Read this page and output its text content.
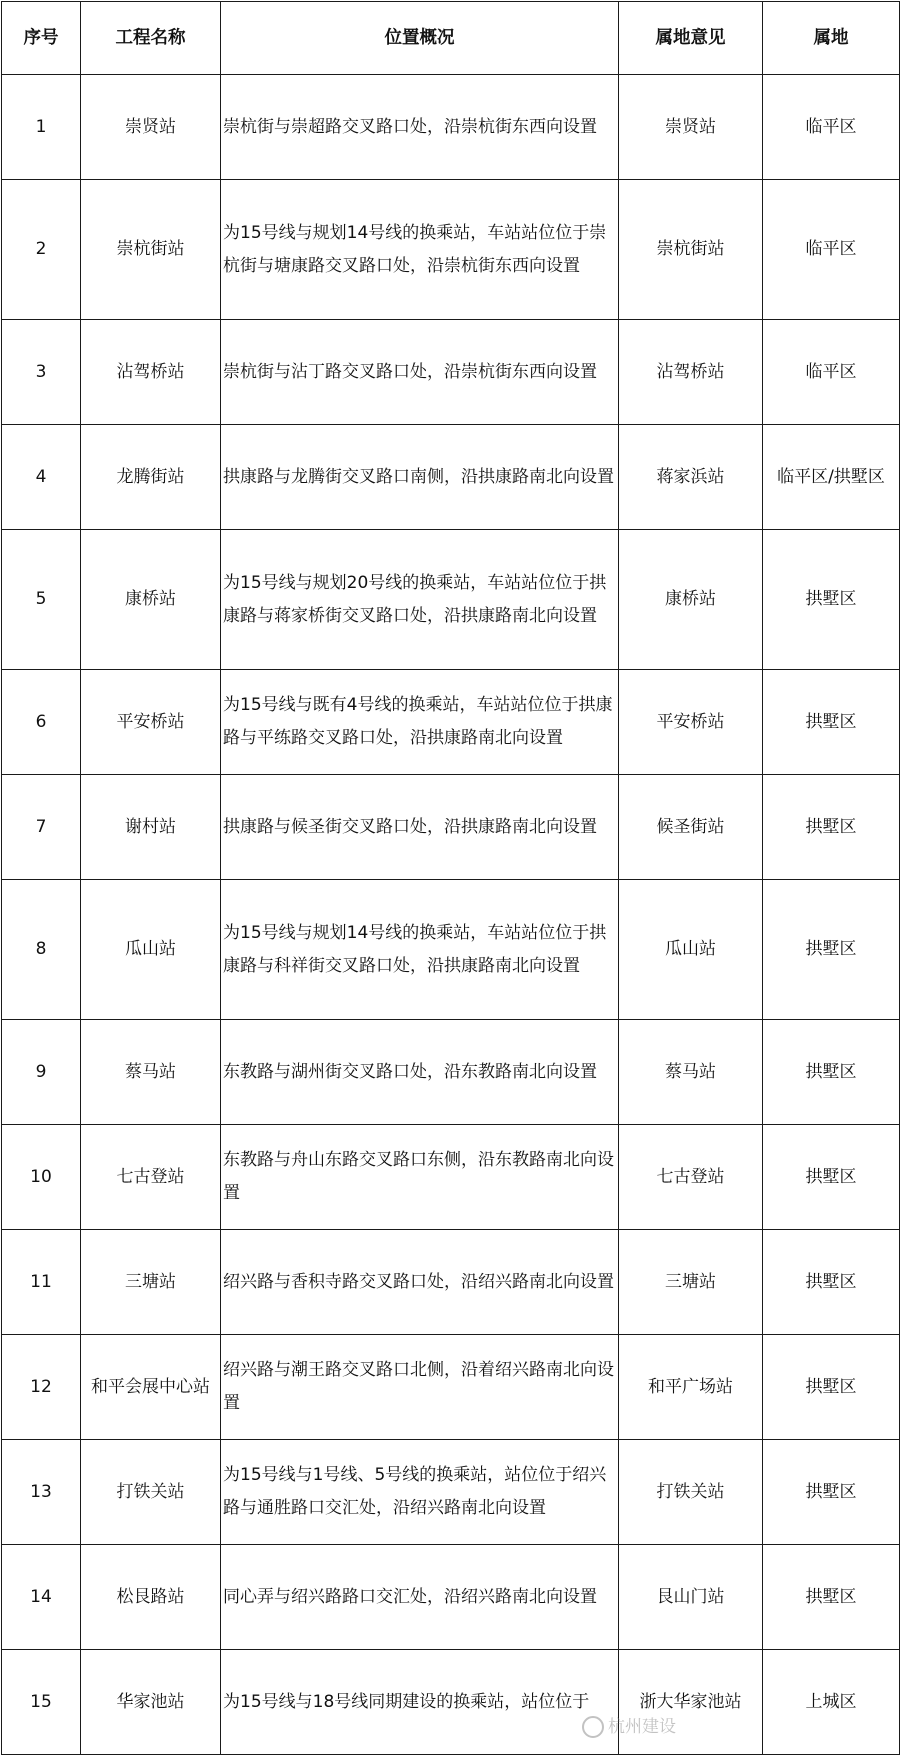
序号	工程名称	位置概况	属地意见	属地
1	崇贤站	崇杭街与崇超路交叉路口处，沿崇杭街东西向设置	崇贤站	临平区
2	崇杭街站	为15号线与规划14号线的换乘站，车站站位位于崇杭街与塘康路交叉路口处，沿崇杭街东西向设置	崇杭街站	临平区
3	沾驾桥站	崇杭街与沾丁路交叉路口处，沿崇杭街东西向设置	沾驾桥站	临平区
4	龙腾街站	拱康路与龙腾街交叉路口南侧，沿拱康路南北向设置	蒋家浜站	临平区/拱墅区
5	康桥站	为15号线与规划20号线的换乘站，车站站位位于拱康路与蒋家桥街交叉路口处，沿拱康路南北向设置	康桥站	拱墅区
6	平安桥站	为15号线与既有4号线的换乘站，车站站位位于拱康路与平练路交叉路口处，沿拱康路南北向设置	平安桥站	拱墅区
7	谢村站	拱康路与候圣街交叉路口处，沿拱康路南北向设置	候圣街站	拱墅区
8	瓜山站	为15号线与规划14号线的换乘站，车站站位位于拱康路与科祥街交叉路口处，沿拱康路南北向设置	瓜山站	拱墅区
9	蔡马站	东教路与湖州街交叉路口处，沿东教路南北向设置	蔡马站	拱墅区
10	七古登站	东教路与舟山东路交叉路口东侧，沿东教路南北向设置	七古登站	拱墅区
11	三塘站	绍兴路与香积寺路交叉路口处，沿绍兴路南北向设置	三塘站	拱墅区
12	和平会展中心站	绍兴路与潮王路交叉路口北侧，沿着绍兴路南北向设置	和平广场站	拱墅区
13	打铁关站	为15号线与1号线、5号线的换乘站，站位位于绍兴路与通胜路口交汇处，沿绍兴路南北向设置	打铁关站	拱墅区
14	松艮路站	同心弄与绍兴路路口交汇处，沿绍兴路南北向设置	艮山门站	拱墅区
15	华家池站	为15号线与18号线同期建设的换乘站，站位位于	浙大华家池站	上城区
杭州建设
